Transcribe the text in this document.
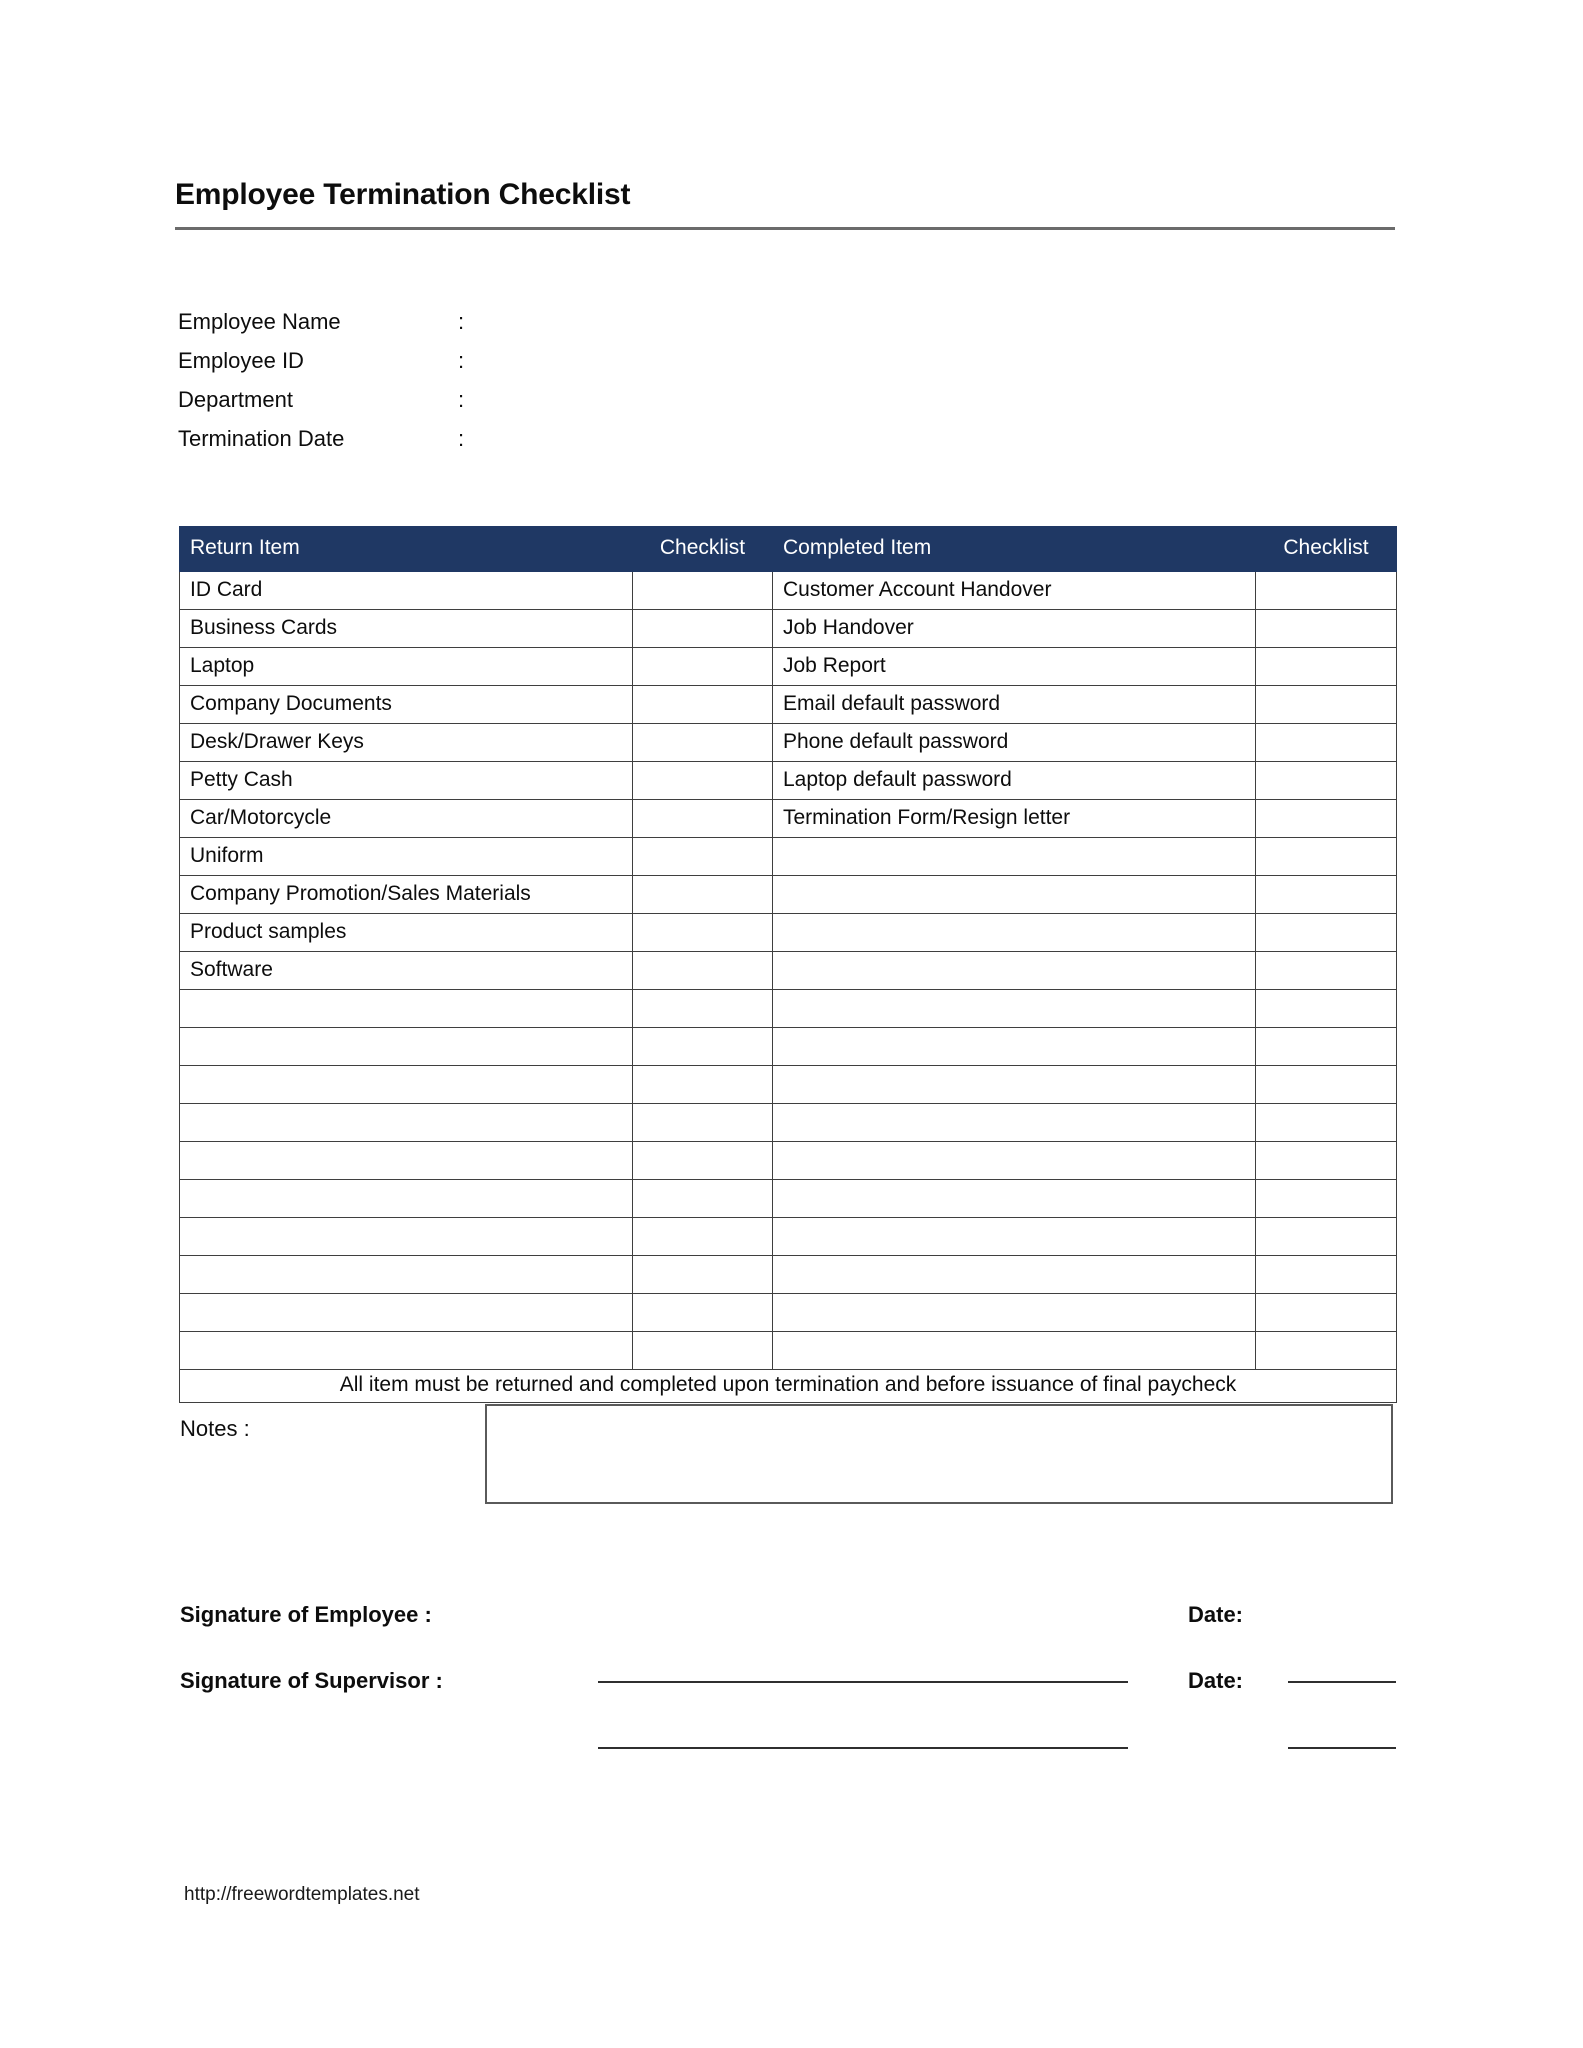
Employee Termination Checklist
Employee Name	:
Employee ID	:
Department	:
Termination Date	:
Return Item	Checklist	Completed Item	Checklist
ID Card		Customer Account Handover	
Business Cards		Job Handover	
Laptop		Job Report	
Company Documents		Email default password	
Desk/Drawer Keys		Phone default password	
Petty Cash		Laptop default password	
Car/Motorcycle		Termination Form/Resign letter	
Uniform			
Company Promotion/Sales Materials			
Product samples			
Software			

All item must be returned and completed upon termination and before issuance of final paycheck			
Notes :
Signature of Employee :
Signature of Supervisor :
Date:
Date:
http://freewordtemplates.net
